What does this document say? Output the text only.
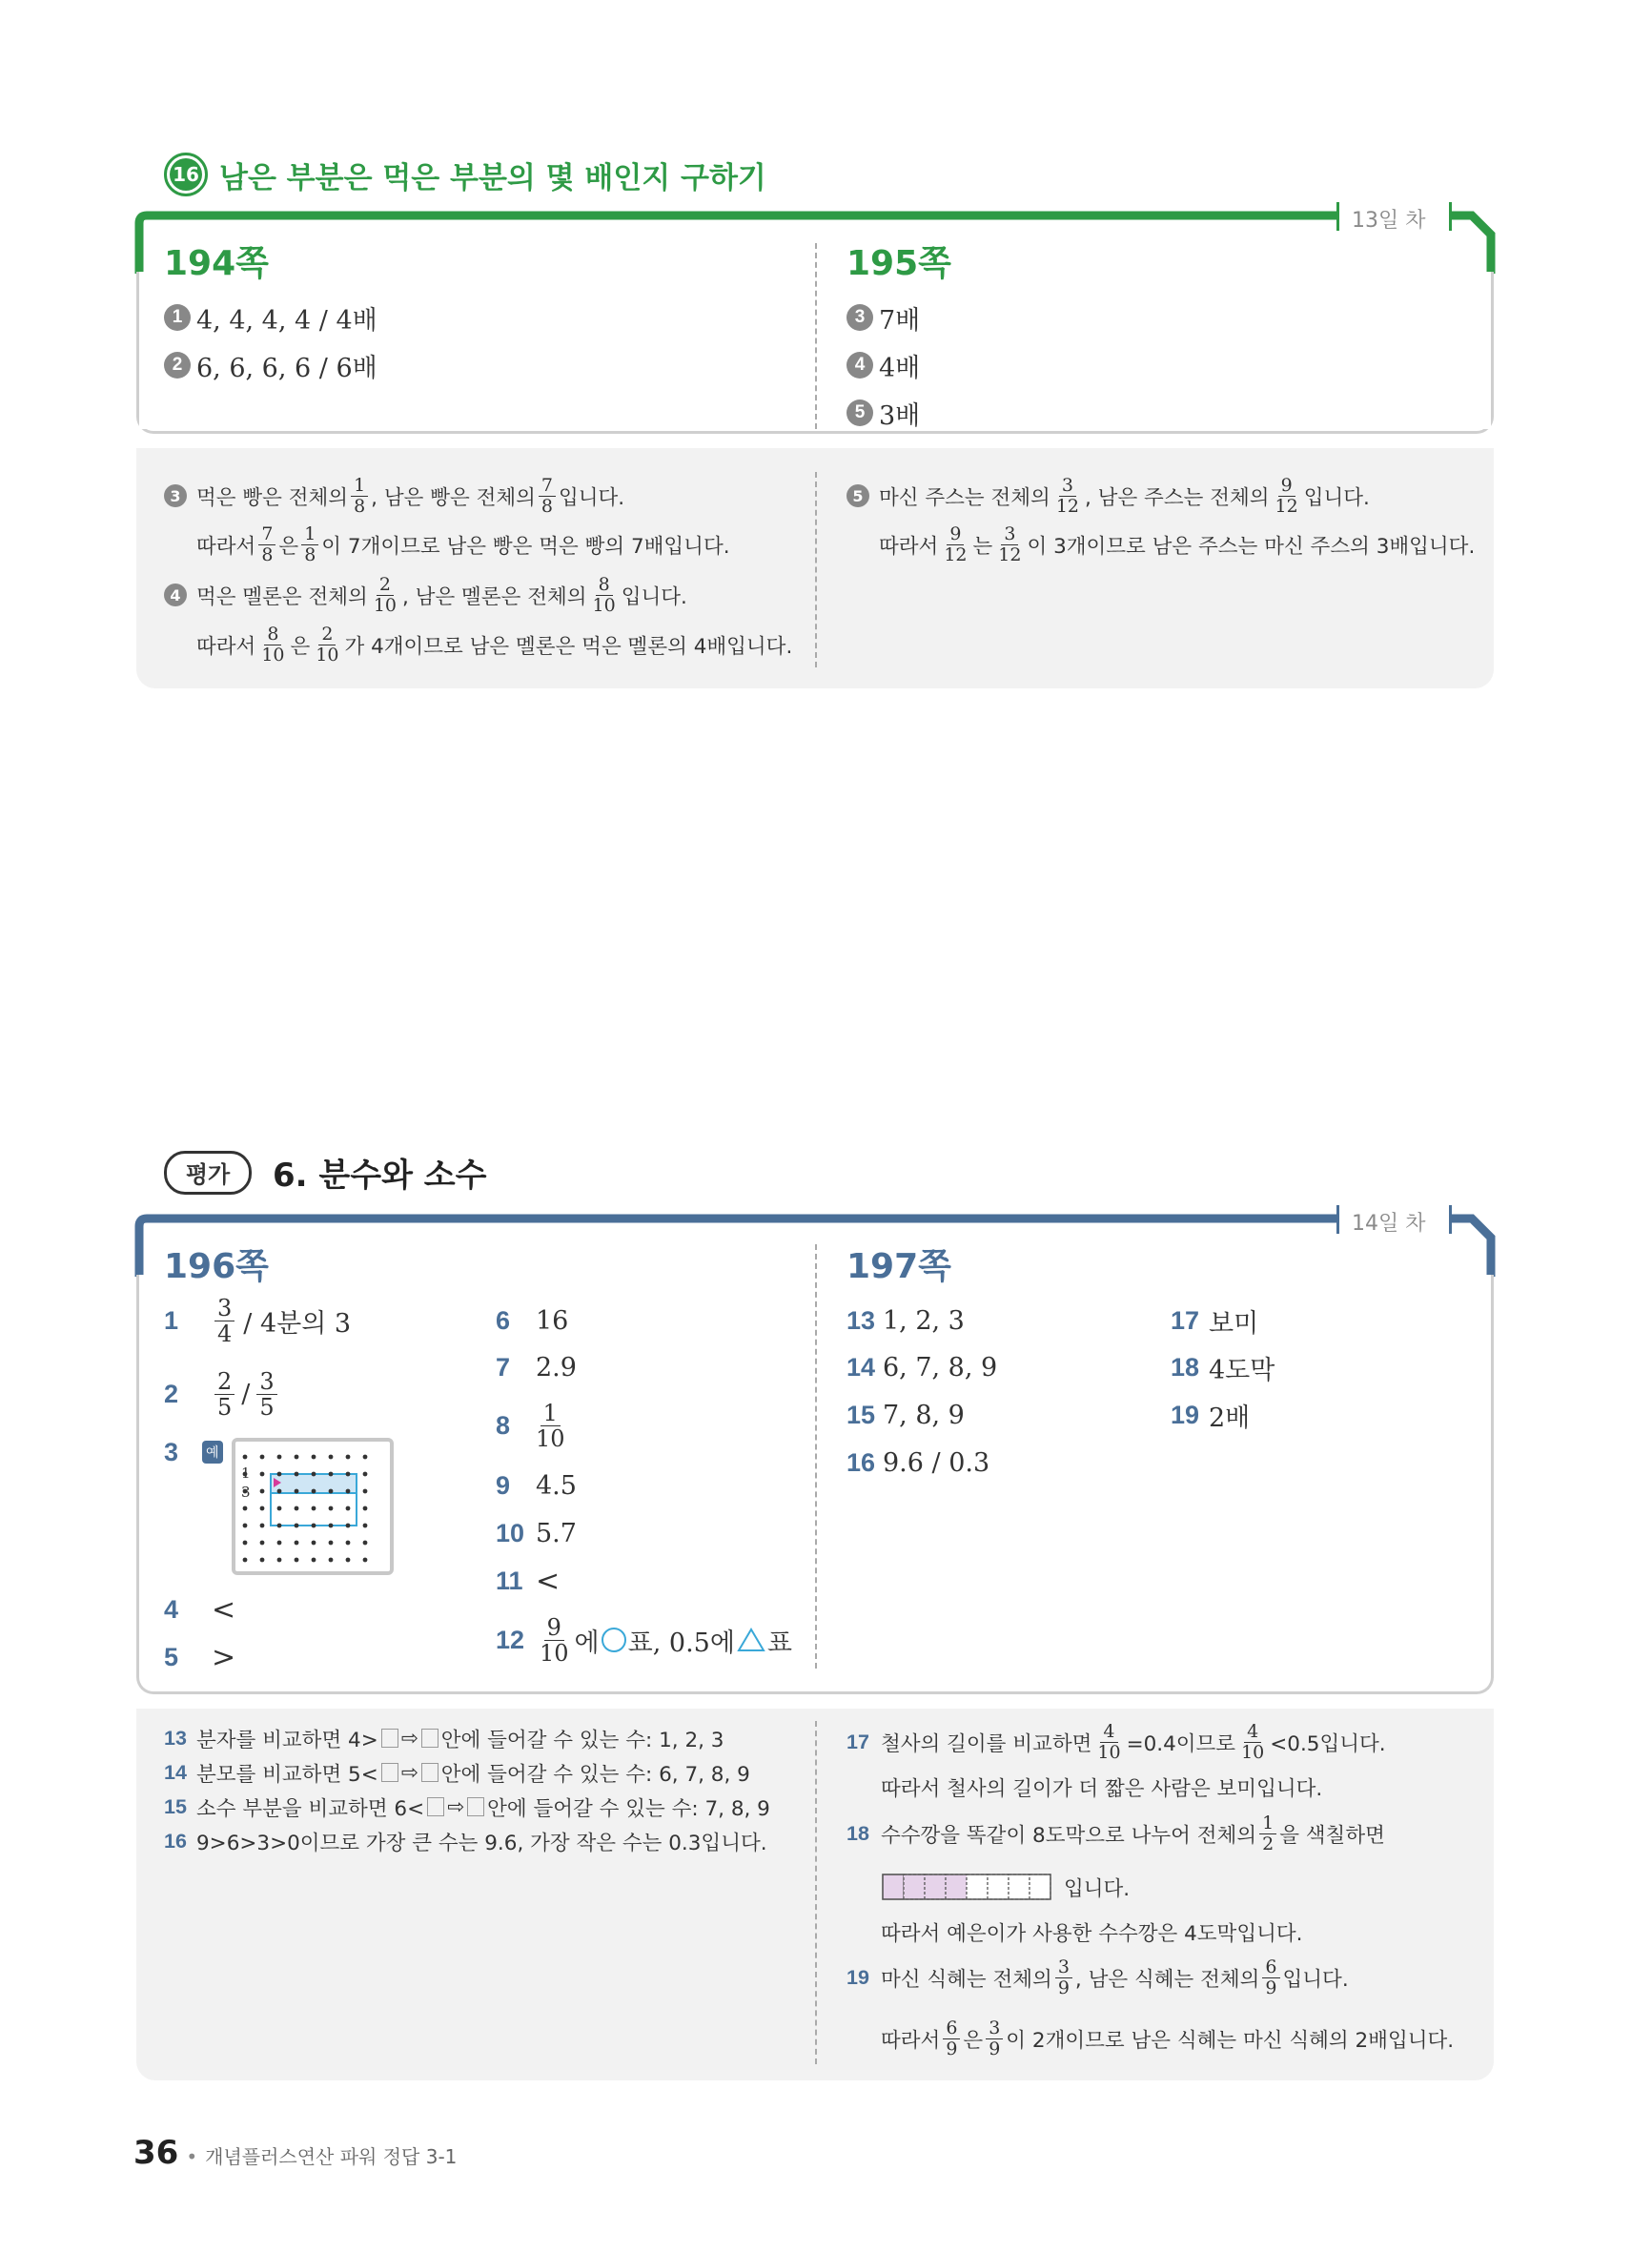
16 남은 부분은 먹은 부분의 몇 배인지 구하기
13일 차
194쪽	195쪽
1 4, 4, 4, 4 / 4배
2 6, 6, 6, 6 / 6배
3 7배
4 4배
5 3배
3 먹은 빵은 전체의 $\frac{1}{8}$ , 남은 빵은 전체의 $\frac{7}{8}$ 입니다.
따라서 $\frac{7}{8}$ 은 $\frac{1}{8}$ 이 7개이므로 남은 빵은 먹은 빵의 7배입니다.
4 먹은 멜론은 전체의 $\frac{2}{10}$ , 남은 멜론은 전체의 $\frac{8}{10}$ 입니다.
따라서 $\frac{8}{10}$ 은 $\frac{2}{10}$ 가 4개이므로 남은 멜론은 먹은 멜론의 4배입니다.
5 마신 주스는 전체의 $\frac{3}{12}$ , 남은 주스는 전체의 $\frac{9}{12}$ 입니다.
따라서 $\frac{9}{12}$ 는 $\frac{3}{12}$ 이 3개이므로 남은 주스는 마신 주스의 3배입니다.
평가	6. 분수와 소수
14일 차
196쪽	197쪽
1	$\frac{3}{4} / 4$분의 3
2	$\frac{2}{5} / \frac{3}{5}$
3	예
1
3
4	<
5	>
6 16
7 2.9
$8 \frac{1}{10}$
9 4.5
10 5.7
11 <
$12 \frac{9}{10}$ 에 표, 0.5에 표
13 1, 2, 3
14 6, 7, 8, 9
15 7, 8, 9
16 9.6 / 0.3
17 보미
18 4도막
19 2배
13 분자를 비교하면 4> ⇨ 안에 들어갈 수 있는 수: 1, 2, 3
14 분모를 비교하면 5< ⇨ 안에 들어갈 수 있는 수: 6, 7, 8, 9
15 소수 부분을 비교하면 6< ⇨ 안에 들어갈 수 있는 수: 7, 8, 9
16 9>6>3>0이므로 가장 큰 수는 9.6, 가장 작은 수는 0.3입니다.
17 철사의 길이를 비교하면 $\frac{4}{10} =0.4$이므로 $\frac{4}{10} <0.5$입니다.
따라서 철사의 길이가 더 짧은 사람은 보미입니다.
18 수수깡을 똑같이 8도막으로 나누어 전체의 $\frac{1}{2}$ 을 색칠하면
입니다.
따라서 예은이가 사용한 수수깡은 4도막입니다.
19 마신 식혜는 전체의 $\frac{3}{9}$ , 남은 식혜는 전체의 $\frac{6}{9}$ 입니다.
따라서 $\frac{6}{9}$ 은 $\frac{3}{9}$ 이 2개이므로 남은 식혜는 마신 식혜의 2배입니다.
36 • 개념플러스연산 파워 정답 3-1
